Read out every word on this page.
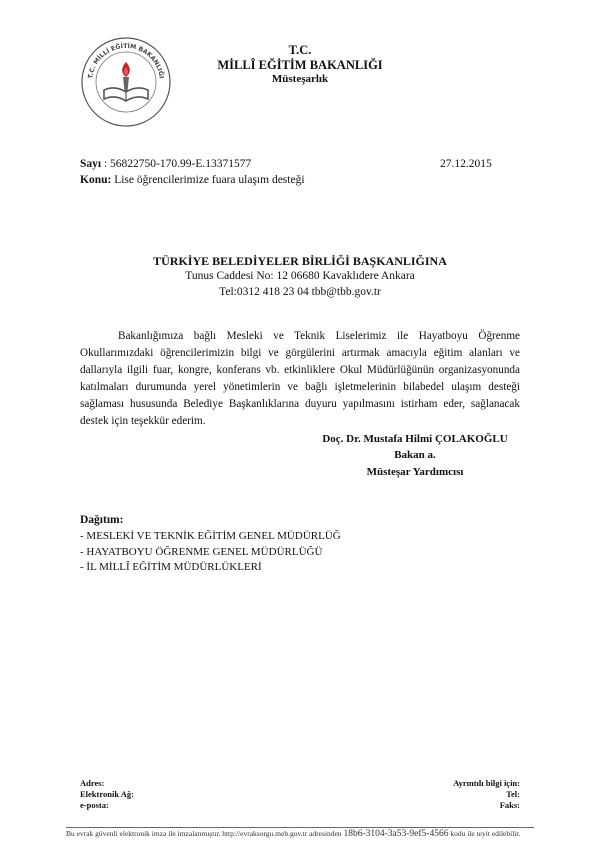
T.C. MİLLİ EĞİTİM BAKANLIĞI
T.C.
MİLLÎ EĞİTİM BAKANLIĞI
Müsteşarlık
Sayı : 56822750-170.99-E.13371577	27.12.2015
Konu: Lise öğrencilerimize fuara ulaşım desteği
TÜRKİYE BELEDİYELER BİRLİĞİ BAŞKANLIĞINA
Tunus Caddesi No: 12 06680 Kavaklıdere Ankara
Tel:0312 418 23 04 tbb@tbb.gov.tr
Bakanlığımıza bağlı Mesleki ve Teknik Liselerimiz ile Hayatboyu Öğrenme Okullarımızdaki öğrencilerimizin bilgi ve görgülerini artırmak amacıyla eğitim alanları ve dallarıyla ilgili fuar, kongre, konferans vb. etkinliklere Okul Müdürlüğünün organizasyonunda katılmaları durumunda yerel yönetimlerin ve bağlı işletmelerinin bilabedel ulaşım desteği sağlaması hususunda Belediye Başkanlıklarına duyuru yapılmasını istirham eder, sağlanacak destek için teşekkür ederim.
Doç. Dr. Mustafa Hilmi ÇOLAKOĞLU
Bakan a.
Müsteşar Yardımcısı
Dağıtım:
- MESLEKİ VE TEKNİK EĞİTİM GENEL MÜDÜRLÜĞ
- HAYATBOYU ÖĞRENME GENEL MÜDÜRLÜĞÜ
- İL MİLLÎ EĞİTİM MÜDÜRLÜKLERİ
Adres:
Elektronik Ağ:
e-posta:
Ayrıntılı bilgi için:
Tel:
Faks:
Bu evrak güvenli elektronik imza ile imzalanmıştır. http://evraksorgu.meb.gov.tr adresinden 18b6-3104-3a53-9ef5-4566 kodu ile teyit edilebilir.
